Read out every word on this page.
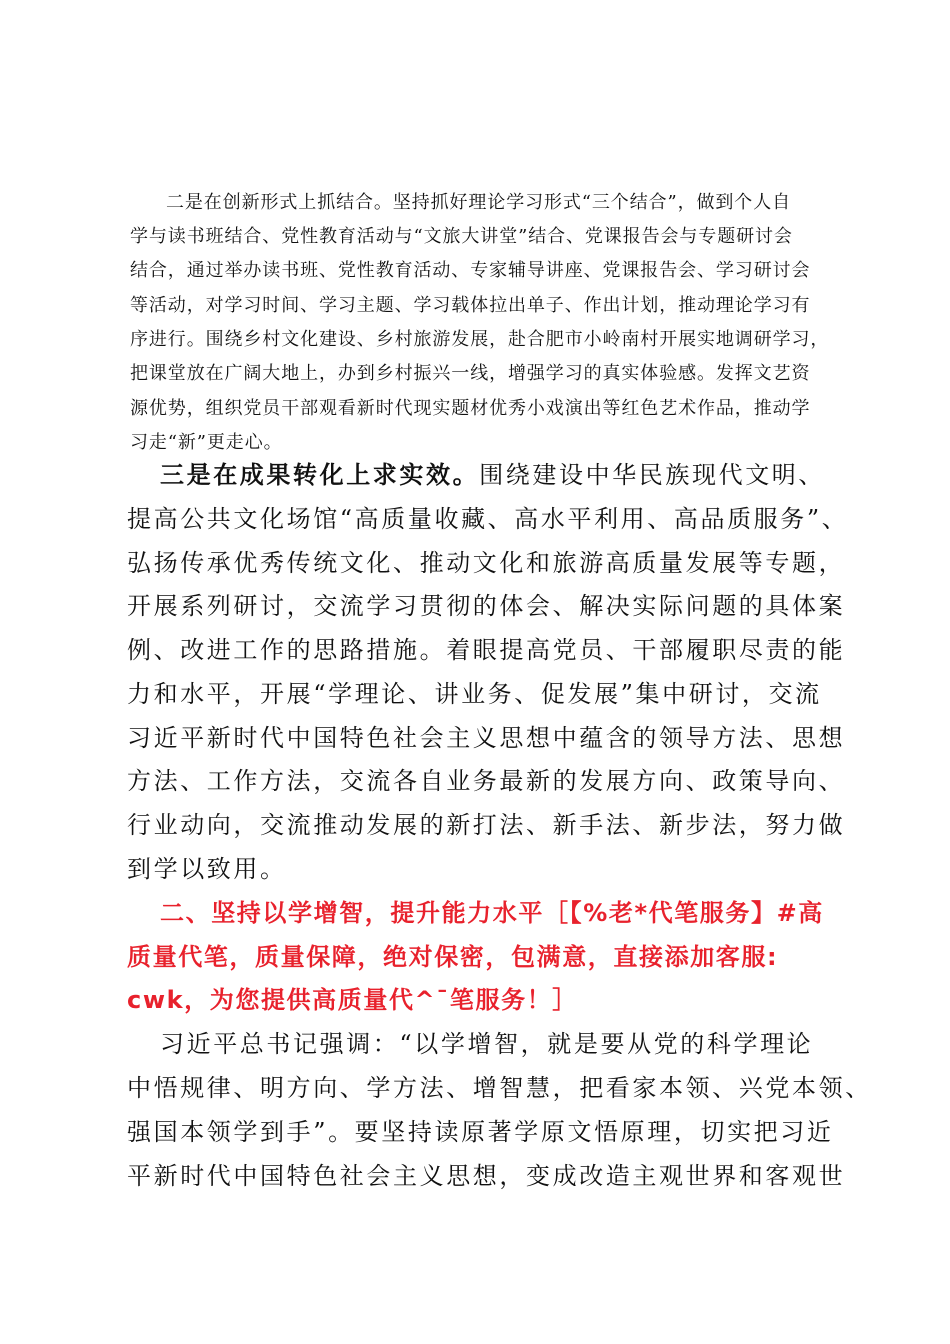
二是在创新形式上抓结合。坚持抓好理论学习形式“三个结合”，做到个人自

学与读书班结合、党性教育活动与“文旅大讲堂”结合、党课报告会与专题研讨会

结合，通过举办读书班、党性教育活动、专家辅导讲座、党课报告会、学习研讨会

等活动，对学习时间、学习主题、学习载体拉出单子、作出计划，推动理论学习有

序进行。围绕乡村文化建设、乡村旅游发展，赴合肥市小岭南村开展实地调研学习，

把课堂放在广阔大地上，办到乡村振兴一线，增强学习的真实体验感。发挥文艺资

源优势，组织党员干部观看新时代现实题材优秀小戏演出等红色艺术作品，推动学

习走“新”更走心。

三是在成果转化上求实效。围绕建设中华民族现代文明、

提高公共文化场馆“高质量收藏、高水平利用、高品质服务”、

弘扬传承优秀传统文化、推动文化和旅游高质量发展等专题，

开展系列研讨，交流学习贯彻的体会、解决实际问题的具体案

例、改进工作的思路措施。着眼提高党员、干部履职尽责的能

力和水平，开展“学理论、讲业务、促发展”集中研讨，交流

习近平新时代中国特色社会主义思想中蕴含的领导方法、思想

方法、工作方法，交流各自业务最新的发展方向、政策导向、

行业动向，交流推动发展的新打法、新手法、新步法，努力做

到学以致用。

二、坚持以学增智，提升能力水平［【%老*代笔服务】#高

质量代笔，质量保障，绝对保密，包满意，直接添加客服:

cwk，为您提供高质量代^¯笔服务！］

习近平总书记强调：“以学增智，就是要从党的科学理论

中悟规律、明方向、学方法、增智慧，把看家本领、兴党本领、

强国本领学到手”。要坚持读原著学原文悟原理，切实把习近

平新时代中国特色社会主义思想，变成改造主观世界和客观世
